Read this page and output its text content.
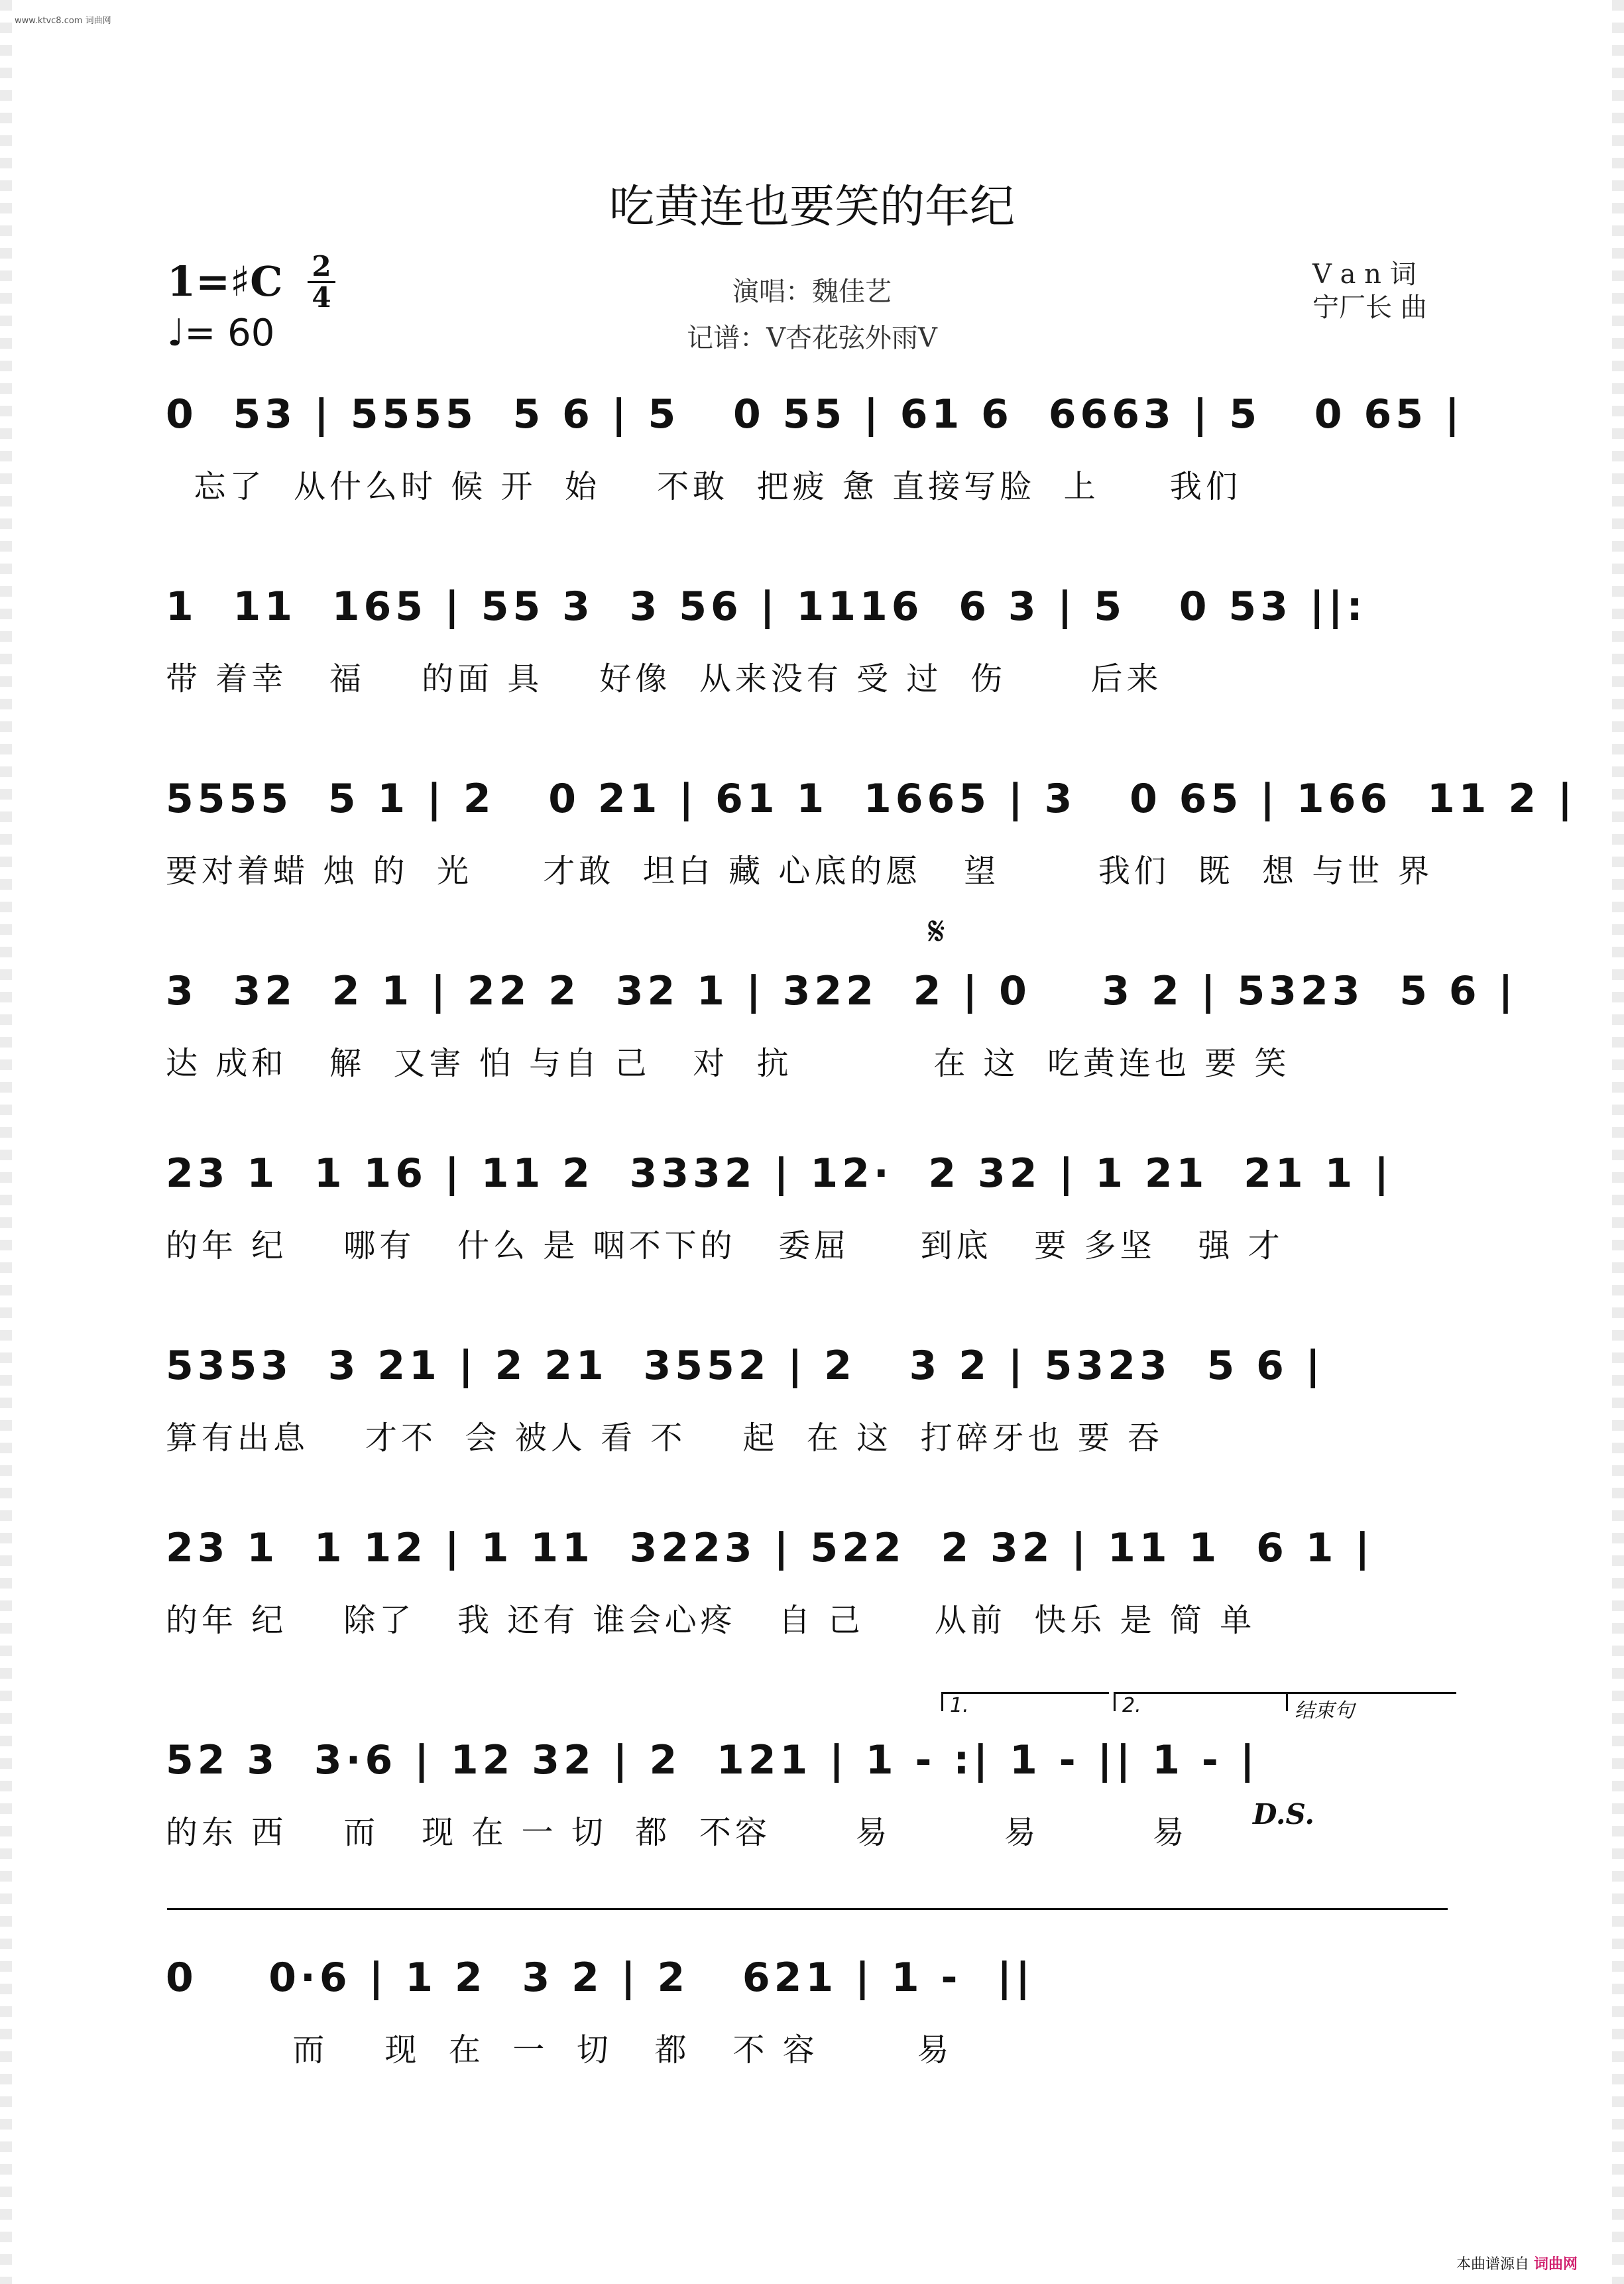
www.ktvc8.com 词曲网
吃黄连也要笑的年纪
1=♯C 2
4
♩= 60
演唱：魏佳艺
记谱：V杏花弦外雨V
V a n 词
宁厂长 曲
0  53 | 5555  5 6 | 5   0 55 | 61 6  6663 | 5   0 65 |
忘了  从什么时 候 开  始    不敢  把疲 惫 直接写脸  上     我们
1  11  165 | 55 3  3 56 | 1116  6 3 | 5   0 53 ||:
带 着幸   福    的面 具    好像  从来没有 受 过  伤      后来
5555  5 1 | 2   0 21 | 61 1  1665 | 3   0 65 | 166  11 2 |
要对着蜡 烛 的  光     才敢  坦白 藏 心底的愿   望       我们  既  想 与世 界
𝄋
3  32  2 1 | 22 2  32 1 | 322  2 | 0    3 2 | 5323  5 6 |
达 成和   解  又害 怕 与自 己   对  抗          在 这  吃黄连也 要 笑
23 1  1 16 | 11 2  3332 | 12·  2 32 | 1 21  21 1 |
的年 纪    哪有   什么 是 咽不下的   委屈     到底   要 多坚   强 才
5353  3 21 | 2 21  3552 | 2   3 2 | 5323  5 6 |
算有出息    才不  会 被人 看 不    起  在 这  打碎牙也 要 吞
23 1  1 12 | 1 11  3223 | 522  2 32 | 11 1  6 1 |
的年 纪    除了   我 还有 谁会心疼   自 己     从前  快乐 是 简 单
1.	2.	结束句
52 3  3·6 | 12 32 | 2  121 | 1 - :| 1 - || 1 - |
的东 西    而   现 在 一 切  都  不容      易        易        易	D.S.
0    0·6 | 1 2  3 2 | 2   621 | 1 -  ||
而    现  在  一  切   都   不 容       易
本曲谱源自 词曲网
